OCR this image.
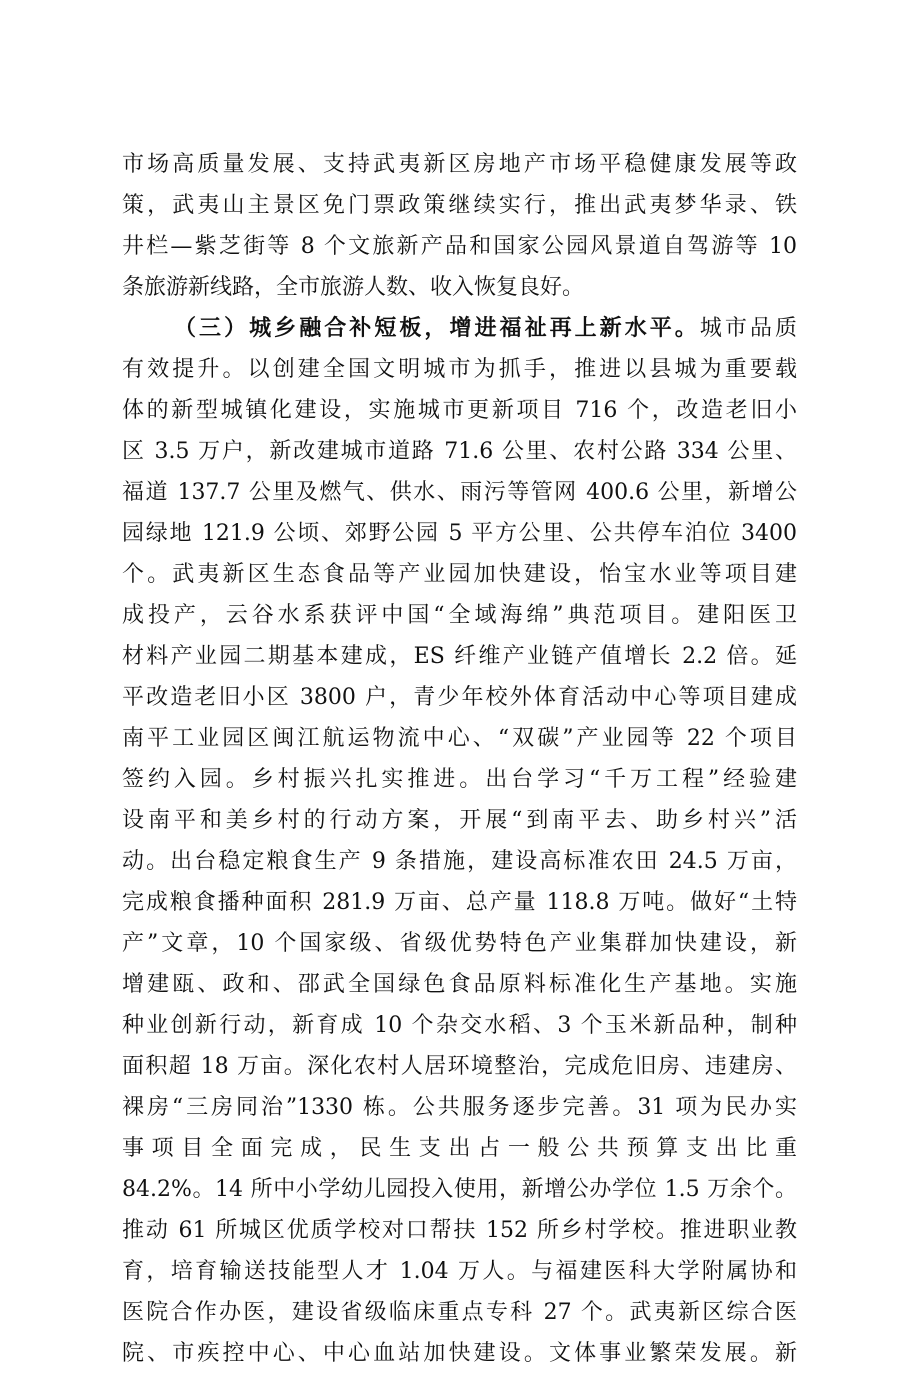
市场高质量发展、支持武夷新区房地产市场平稳健康发展等政
策，武夷山主景区免门票政策继续实行，推出武夷梦华录、铁
井栏—紫芝街等 8 个文旅新产品和国家公园风景道自驾游等 10
条旅游新线路，全市旅游人数、收入恢复良好。
（三）城乡融合补短板，增进福祉再上新水平。城市品质
有效提升。以创建全国文明城市为抓手，推进以县城为重要载
体的新型城镇化建设，实施城市更新项目 716 个，改造老旧小
区 3.5 万户，新改建城市道路 71.6 公里、农村公路 334 公里、
福道 137.7 公里及燃气、供水、雨污等管网 400.6 公里，新增公
园绿地 121.9 公顷、郊野公园 5 平方公里、公共停车泊位 3400
个。武夷新区生态食品等产业园加快建设，怡宝水业等项目建
成投产，云谷水系获评中国“全域海绵”典范项目。建阳医卫
材料产业园二期基本建成，ES 纤维产业链产值增长 2.2 倍。延
平改造老旧小区 3800 户，青少年校外体育活动中心等项目建成
南平工业园区闽江航运物流中心、“双碳”产业园等 22 个项目
签约入园。乡村振兴扎实推进。出台学习“千万工程”经验建
设南平和美乡村的行动方案，开展“到南平去、助乡村兴”活
动。出台稳定粮食生产 9 条措施，建设高标准农田 24.5 万亩，
完成粮食播种面积 281.9 万亩、总产量 118.8 万吨。做好“土特
产”文章，10 个国家级、省级优势特色产业集群加快建设，新
增建瓯、政和、邵武全国绿色食品原料标准化生产基地。实施
种业创新行动，新育成 10 个杂交水稻、3 个玉米新品种，制种
面积超 18 万亩。深化农村人居环境整治，完成危旧房、违建房、
裸房“三房同治”1330 栋。公共服务逐步完善。31 项为民办实
事项目全面完成，民生支出占一般公共预算支出比重
84.2%。14 所中小学幼儿园投入使用，新增公办学位 1.5 万余个。
推动 61 所城区优质学校对口帮扶 152 所乡村学校。推进职业教
育，培育输送技能型人才 1.04 万人。与福建医科大学附属协和
医院合作办医，建设省级临床重点专科 27 个。武夷新区综合医
院、市疾控中心、中心血站加快建设。文体事业繁荣发展。新
